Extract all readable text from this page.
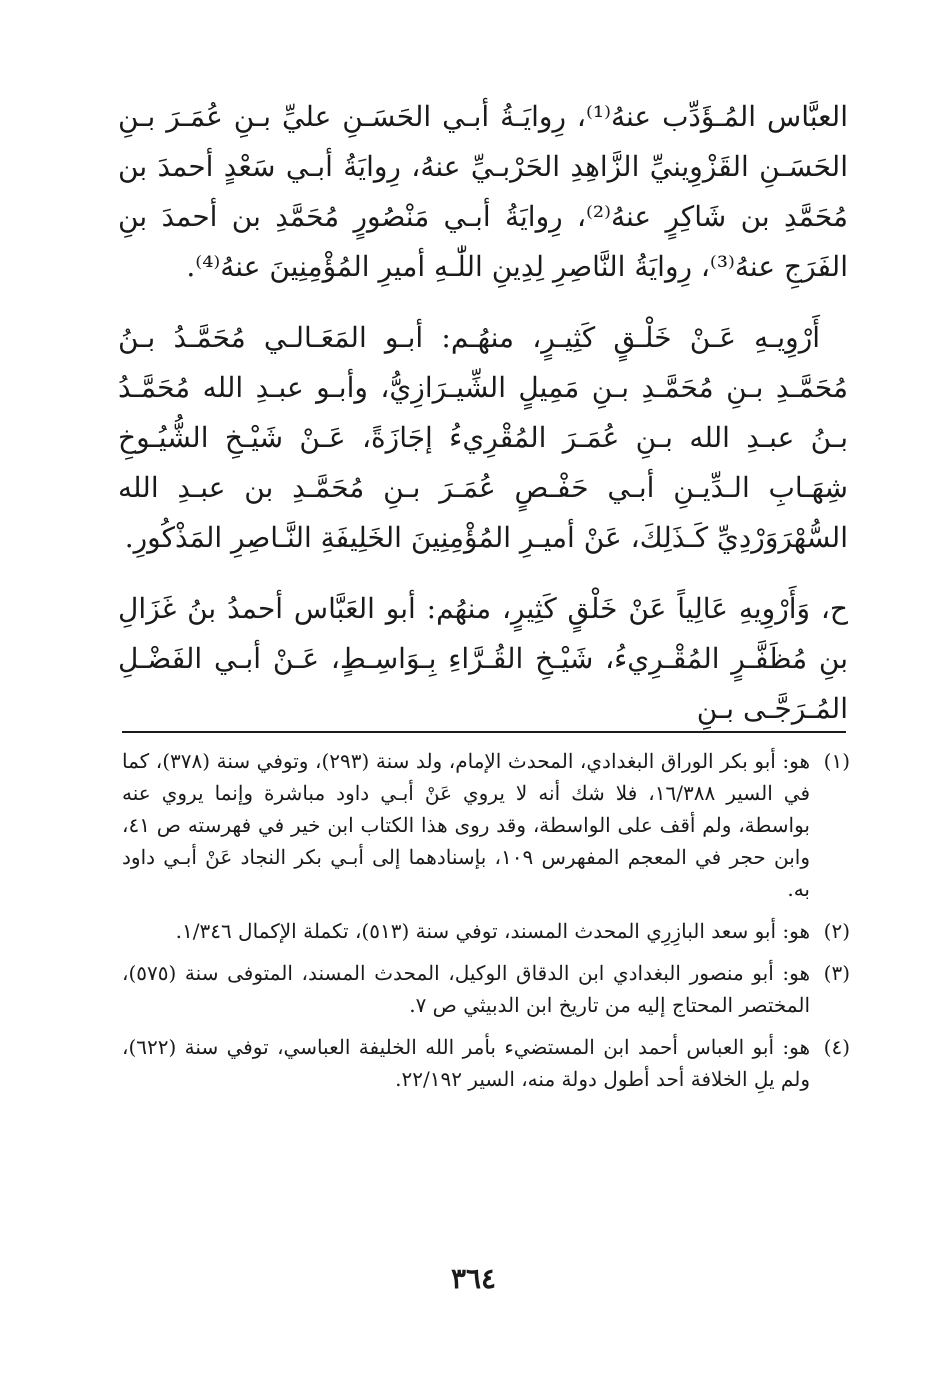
العبَّاس المُـؤَدِّب عنهُ⁽¹⁾، رِوايَـةُ أبـي الحَسَـنِ عليِّ بـنِ عُمَـرَ بـنِ الحَسَـنِ القَزْوِينيِّ الزَّاهِدِ الحَرْبـيِّ عنهُ، رِوايَةُ أبـي سَعْدٍ أحمدَ بن مُحَمَّدِ بن شَاكِرٍ عنهُ⁽²⁾، رِوايَةُ أبـي مَنْصُورٍ مُحَمَّدِ بن أحمدَ بنِ الفَرَجِ عنهُ⁽³⁾، رِوايَةُ النَّاصِرِ لِدِينِ اللّٰـهِ أميرِ المُؤْمِنِينَ عنهُ⁽⁴⁾.

أَرْوِيـهِ عَـنْ خَلْـقٍ كَثِيـرٍ، منهُـم: أبـو المَعَـالـي مُحَمَّـدُ بـنُ مُحَمَّـدِ بـنِ مُحَمَّـدِ بـنِ مَمِيلٍ الشِّيـرَازِيُّ، وأبـو عبـدِ الله مُحَمَّـدُ بـنُ عبـدِ الله بـنِ عُمَـرَ المُقْرِيءُ إجَازَةً، عَـنْ شَيْـخِ الشُّيُـوخِ شِهَـابِ الـدِّيـنِ أبـي حَفْـصٍ عُمَـرَ بـنِ مُحَمَّـدِ بن عبـدِ الله السُّهْرَوَرْدِيِّ كَـذَلِكَ، عَنْ أميـرِ المُؤْمِنِينَ الخَلِيفَةِ النَّـاصِرِ المَذْكُورِ.

ح، وَأَرْوِيهِ عَالِياً عَنْ خَلْقٍ كَثِيرٍ، منهُم: أبو العَبَّاس أحمدُ بنُ غَزَالِ بنِ مُظَفَّـرٍ المُقْـرِيءُ، شَيْـخِ القُـرَّاءِ بِـوَاسِـطٍ، عَـنْ أبـي الفَضْـلِ المُـرَجَّـى بـنِ

(١)
هو: أبو بكر الوراق البغدادي، المحدث الإمام، ولد سنة (٢٩٣)، وتوفي سنة (٣٧٨)، كما في السير ١٦/٣٨٨، فلا شك أنه لا يروي عَنْ أبـي داود مباشرة وإنما يروي عنه بواسطة، ولم أقف على الواسطة، وقد روى هذا الكتاب ابن خير في فهرسته ص ٤١، وابن حجر في المعجم المفهرس ١٠٩، بإسنادهما إلى أبـي بكر النجاد عَنْ أبـي داود به.
(٢)
هو: أبو سعد البازِرِي المحدث المسند، توفي سنة (٥١٣)، تكملة الإكمال ١/٣٤٦.
(٣)
هو: أبو منصور البغدادي ابن الدقاق الوكيل، المحدث المسند، المتوفى سنة (٥٧٥)، المختصر المحتاج إليه من تاريخ ابن الدبيثي ص ٧.
(٤)
هو: أبو العباس أحمد ابن المستضيء بأمر الله الخليفة العباسي، توفي سنة (٦٢٢)، ولم يلِ الخلافة أحد أطول دولة منه، السير ٢٢/١٩٢.
٣٦٤
